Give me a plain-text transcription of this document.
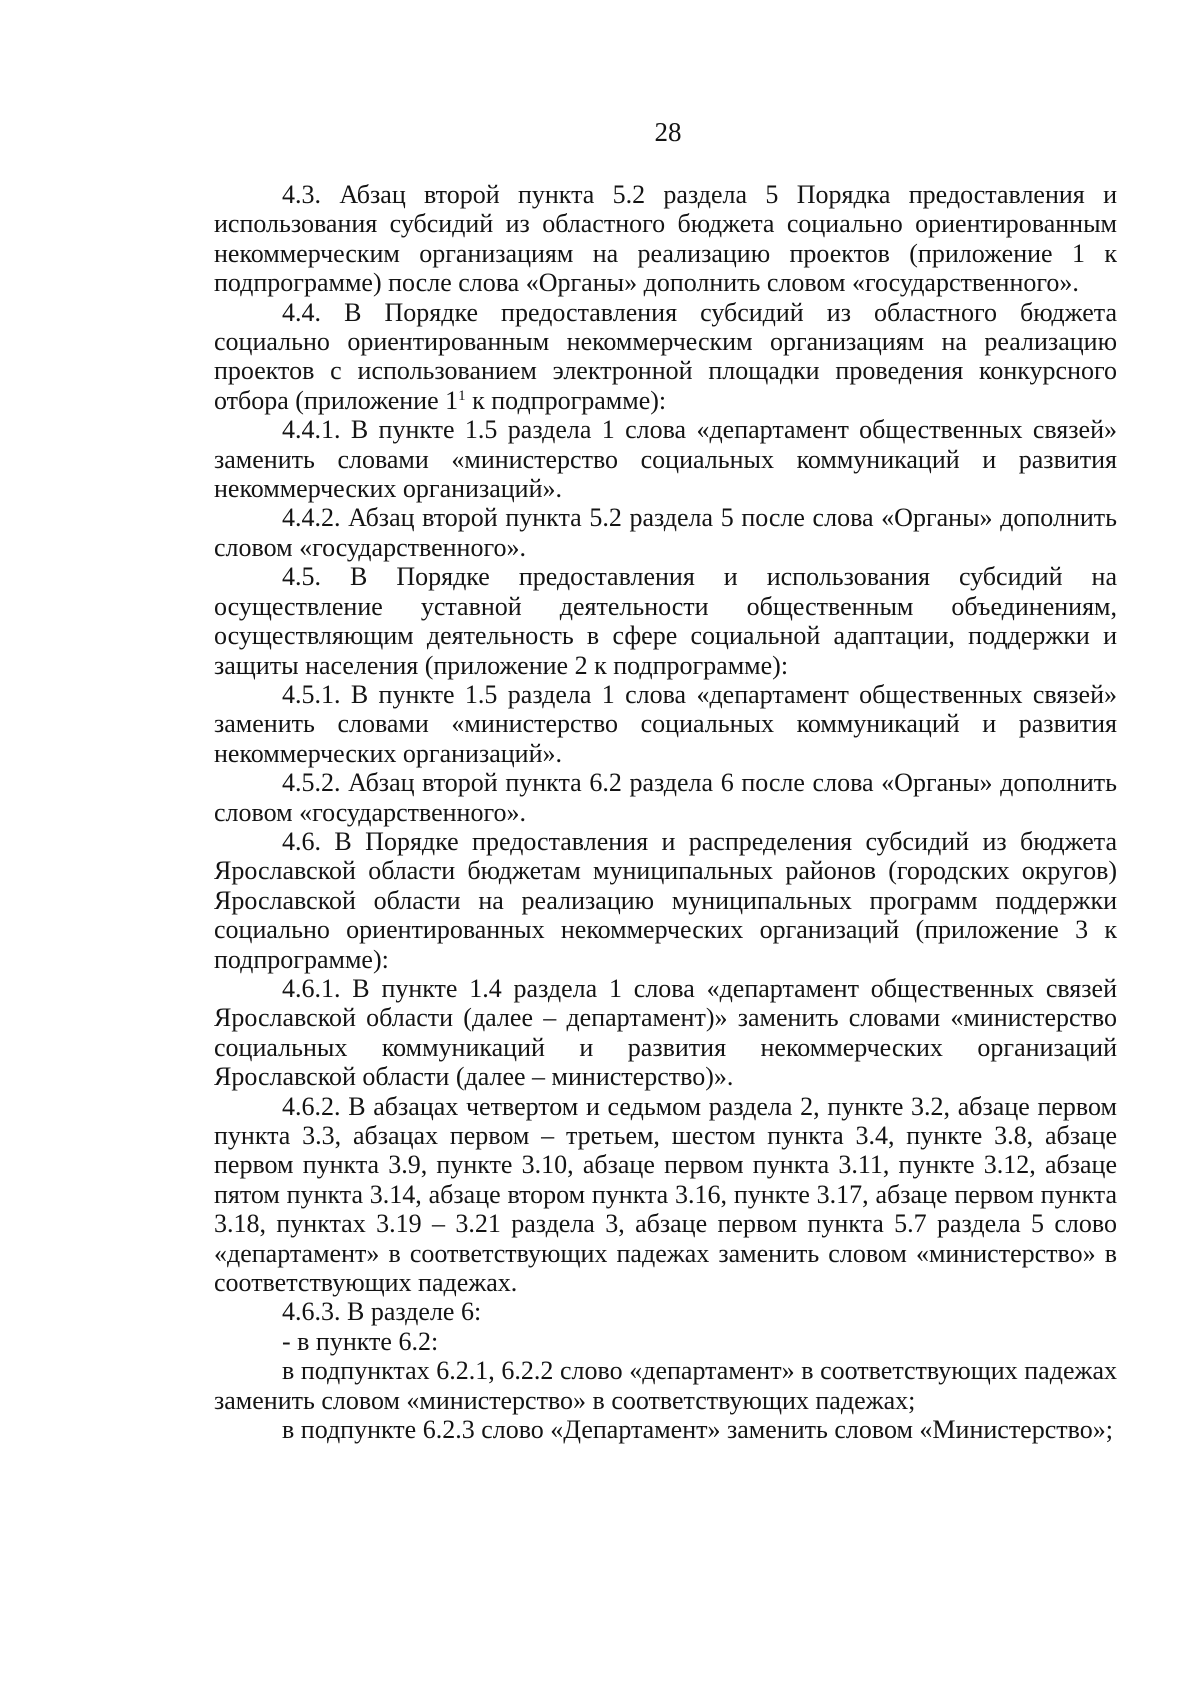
28

4.3. Абзац второй пункта 5.2 раздела 5 Порядка предоставления и использования субсидий из областного бюджета социально ориентированным некоммерческим организациям на реализацию проектов (приложение 1 к подпрограмме) после слова «Органы» дополнить словом «государственного».

4.4. В Порядке предоставления субсидий из областного бюджета социально ориентированным некоммерческим организациям на реализацию проектов с использованием электронной площадки проведения конкурсного отбора (приложение $1^1$ к подпрограмме):

4.4.1. В пункте 1.5 раздела 1 слова «департамент общественных связей» заменить словами «министерство социальных коммуникаций и развития некоммерческих организаций».

4.4.2. Абзац второй пункта 5.2 раздела 5 после слова «Органы» дополнить словом «государственного».

4.5. В Порядке предоставления и использования субсидий на осуществление уставной деятельности общественным объединениям, осуществляющим деятельность в сфере социальной адаптации, поддержки и защиты населения (приложение 2 к подпрограмме):

4.5.1. В пункте 1.5 раздела 1 слова «департамент общественных связей» заменить словами «министерство социальных коммуникаций и развития некоммерческих организаций».

4.5.2. Абзац второй пункта 6.2 раздела 6 после слова «Органы» дополнить словом «государственного».

4.6. В Порядке предоставления и распределения субсидий из бюджета Ярославской области бюджетам муниципальных районов (городских округов) Ярославской области на реализацию муниципальных программ поддержки социально ориентированных некоммерческих организаций (приложение 3 к подпрограмме):

4.6.1. В пункте 1.4 раздела 1 слова «департамент общественных связей Ярославской области (далее – департамент)» заменить словами «министерство социальных коммуникаций и развития некоммерческих организаций Ярославской области (далее – министерство)».

4.6.2. В абзацах четвертом и седьмом раздела 2, пункте 3.2, абзаце первом пункта 3.3, абзацах первом – третьем, шестом пункта 3.4, пункте 3.8, абзаце первом пункта 3.9, пункте 3.10, абзаце первом пункта 3.11, пункте 3.12, абзаце пятом пункта 3.14, абзаце втором пункта 3.16, пункте 3.17, абзаце первом пункта 3.18, пунктах 3.19 – 3.21 раздела 3, абзаце первом пункта 5.7 раздела 5 слово «департамент» в соответствующих падежах заменить словом «министерство» в соответствующих падежах.

4.6.3. В разделе 6:

- в пункте 6.2:

в подпунктах 6.2.1, 6.2.2 слово «департамент» в соответствующих падежах заменить словом «министерство» в соответствующих падежах;

в подпункте 6.2.3 слово «Департамент» заменить словом «Министерство»;
